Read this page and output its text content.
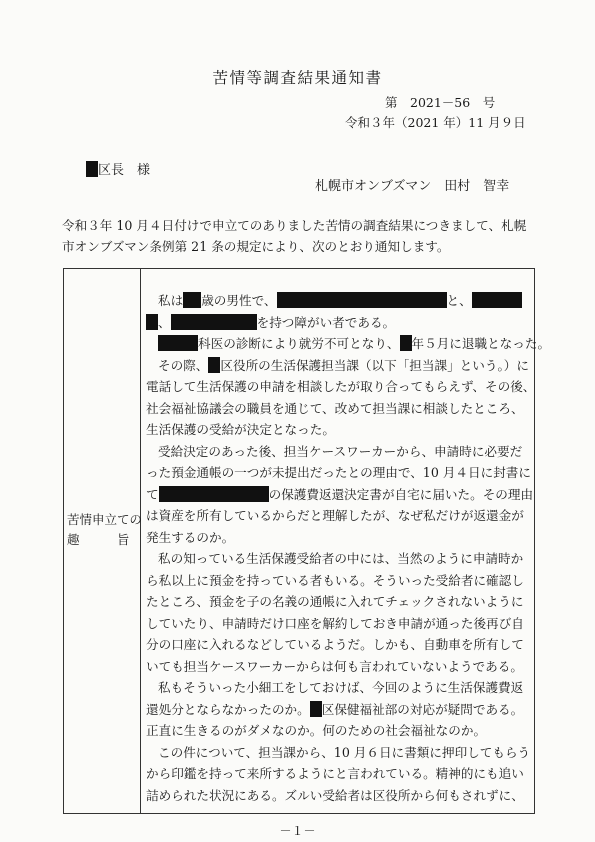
苦情等調査結果通知書
第　2021－56　号
令和３年（2021 年）11 月９日
区長　様
札幌市オンブズマン　田村　智幸
令和３年 10 月４日付けで申立てのありました苦情の調査結果につきまして、札幌
市オンブズマン条例第 21 条の規定により、次のとおり通知します。
苦情申立ての
趣　　　旨
私は 歳の男性で、	と、
、	を持つ障がい者である。
科医の診断により就労不可となり、 年５月に退職となった。
その際、 区役所の生活保護担当課（以下「担当課」という。）に
電話して生活保護の申請を相談したが取り合ってもらえず、その後、
社会福祉協議会の職員を通じて、改めて担当課に相談したところ、
生活保護の受給が決定となった。
受給決定のあった後、担当ケースワーカーから、申請時に必要だ
った預金通帳の一つが未提出だったとの理由で、10 月４日に封書に
て	の保護費返還決定書が自宅に届いた。その理由
は資産を所有しているからだと理解したが、なぜ私だけが返還金が
発生するのか。
私の知っている生活保護受給者の中には、当然のように申請時か
ら私以上に預金を持っている者もいる。そういった受給者に確認し
たところ、預金を子の名義の通帳に入れてチェックされないように
していたり、申請時だけ口座を解約しておき申請が通った後再び自
分の口座に入れるなどしているようだ。しかも、自動車を所有して
いても担当ケースワーカーからは何も言われていないようである。
私もそういった小細工をしておけば、今回のように生活保護費返
還処分とならなかったのか。 区保健福祉部の対応が疑問である。
正直に生きるのがダメなのか。何のための社会福祉なのか。
この件について、担当課から、10 月６日に書類に押印してもらう
から印鑑を持って来所するようにと言われている。精神的にも追い
詰められた状況にある。ズルい受給者は区役所から何もされずに、
－１－
